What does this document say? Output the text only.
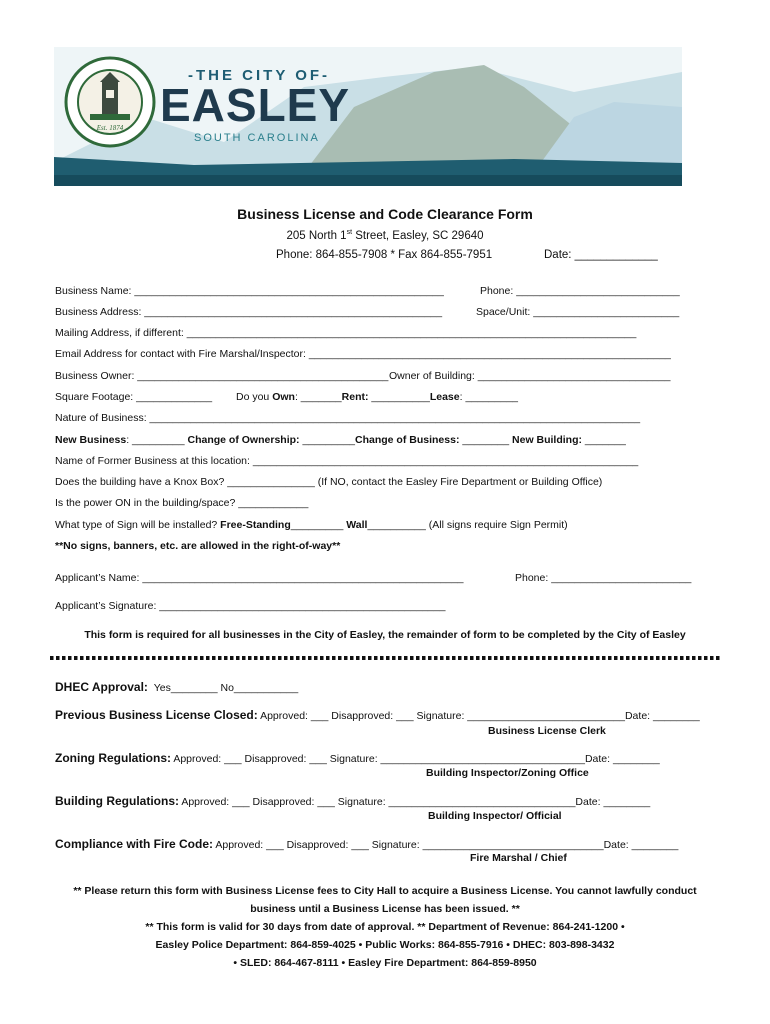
Est. 1874
-THE CITY OF-
EASLEY
SOUTH CAROLINA
Business License and Code Clearance Form
205 North 1st Street, Easley, SC 29640
Phone: 864-855-7908 * Fax 864-855-7951	Date: _____________
Business Name: _____________________________________________________	Phone: ____________________________
Business Address: ___________________________________________________	Space/Unit: _________________________
Mailing Address, if different: _____________________________________________________________________________
Email Address for contact with Fire Marshal/Inspector: ______________________________________________________________
Business Owner: ___________________________________________ Owner of Building: _________________________________
Square Footage: _____________ Do you Own: _______Rent: __________Lease: _________
Nature of Business: ____________________________________________________________________________________
New Business: _________ Change of Ownership: _________Change of Business: ________ New Building: _______
Name of Former Business at this location: __________________________________________________________________
Does the building have a Knox Box? _______________ (If NO, contact the Easley Fire Department or Building Office)
Is the power ON in the building/space? ____________
What type of Sign will be installed? Free-Standing_________ Wall__________ (All signs require Sign Permit)
**No signs, banners, etc. are allowed in the right-of-way**
Applicant’s Name: _______________________________________________________	Phone: ________________________
Applicant’s Signature: _________________________________________________
This form is required for all businesses in the City of Easley, the remainder of form to be completed by the City of Easley
DHEC Approval: Yes________ No___________
Previous Business License Closed: Approved: ___ Disapproved: ___ Signature: ___________________________Date: ________
Business License Clerk
Zoning Regulations: Approved: ___ Disapproved: ___ Signature: ___________________________________Date: ________
Building Inspector/Zoning Office
Building Regulations: Approved: ___ Disapproved: ___ Signature: ________________________________Date: ________
Building Inspector/ Official
Compliance with Fire Code: Approved: ___ Disapproved: ___ Signature: _______________________________Date: ________
Fire Marshal / Chief
** Please return this form with Business License fees to City Hall to acquire a Business License. You cannot lawfully conduct
business until a Business License has been issued. **
** This form is valid for 30 days from date of approval. ** Department of Revenue: 864-241-1200 •
Easley Police Department: 864-859-4025 • Public Works: 864-855-7916 • DHEC: 803-898-3432
• SLED: 864-467-8111 • Easley Fire Department: 864-859-8950
